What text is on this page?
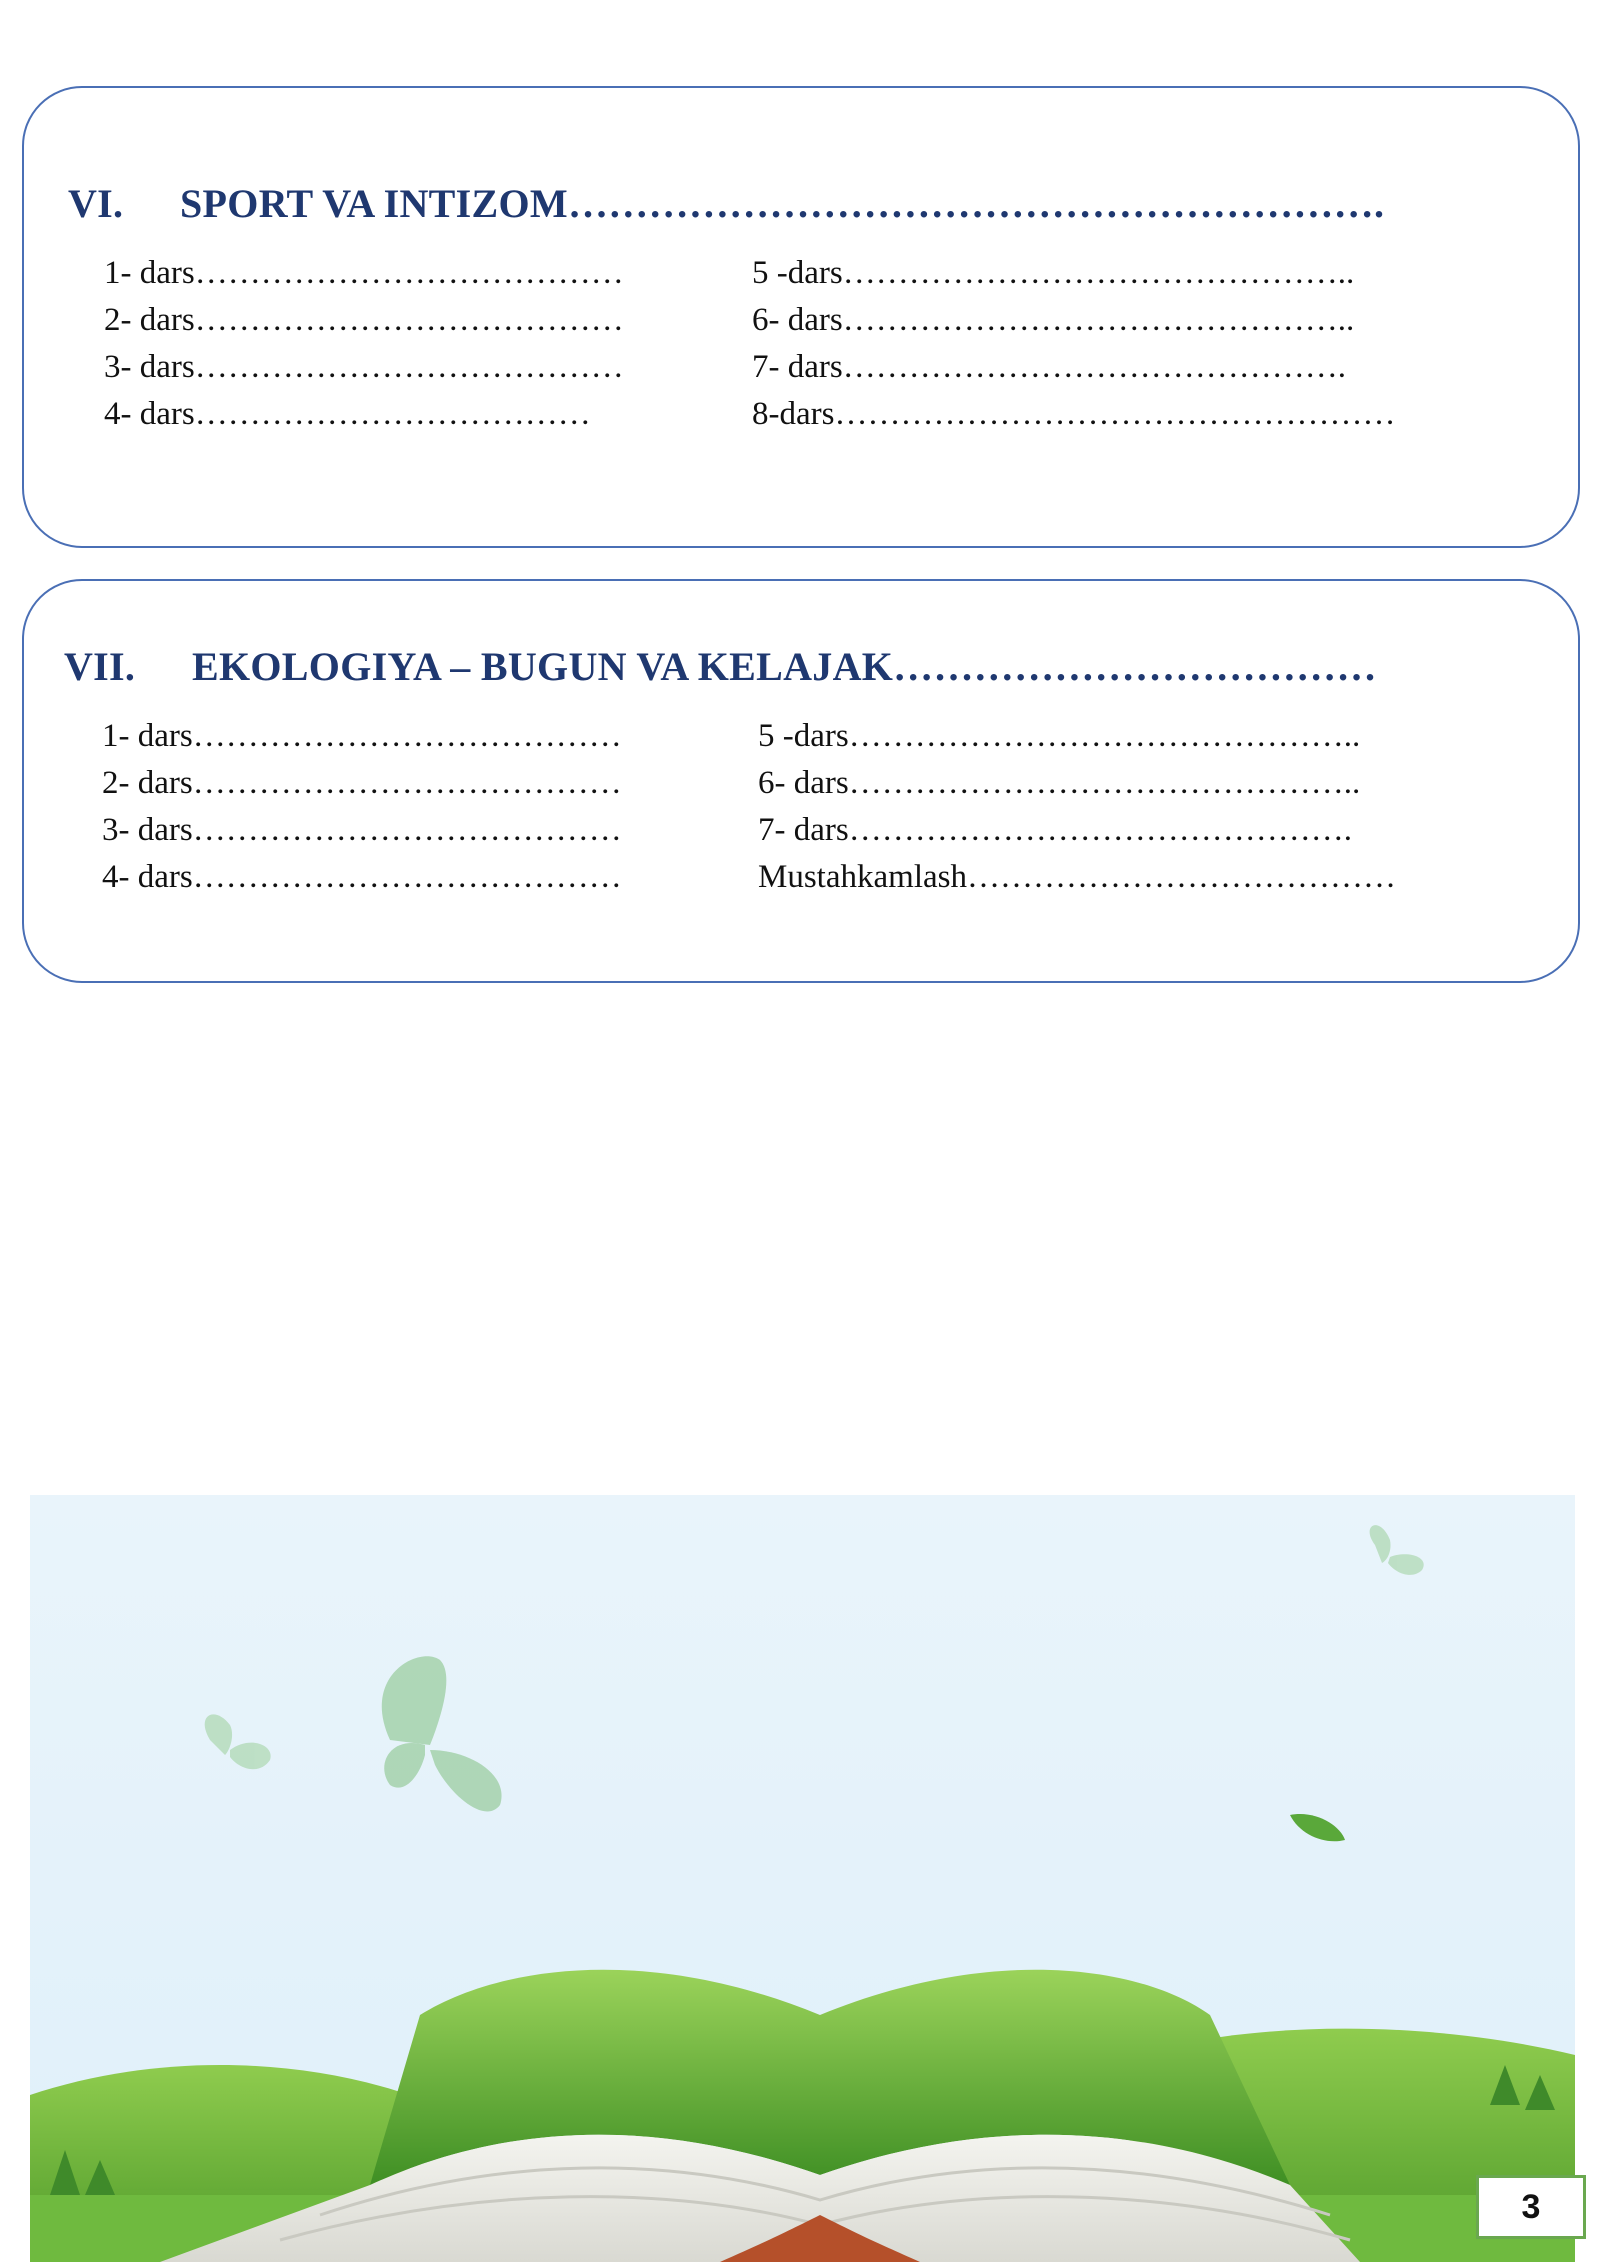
VI. SPORT VA INTIZOM…………………………………………………….
1- dars…………………………………
2- dars…………………………………
3- dars…………………………………
4- dars………………………………
5 -dars………………………………………..
6- dars………………………………………..
7- dars……………………………………….
8-dars……………………………………………
VII. EKOLOGIYA – BUGUN VA KELAJAK………………………………
1- dars…………………………………
2- dars…………………………………
3- dars…………………………………
4- dars…………………………………
5 -dars………………………………………..
6- dars………………………………………..
7- dars……………………………………….
Mustahkamlash…………………………………
3
